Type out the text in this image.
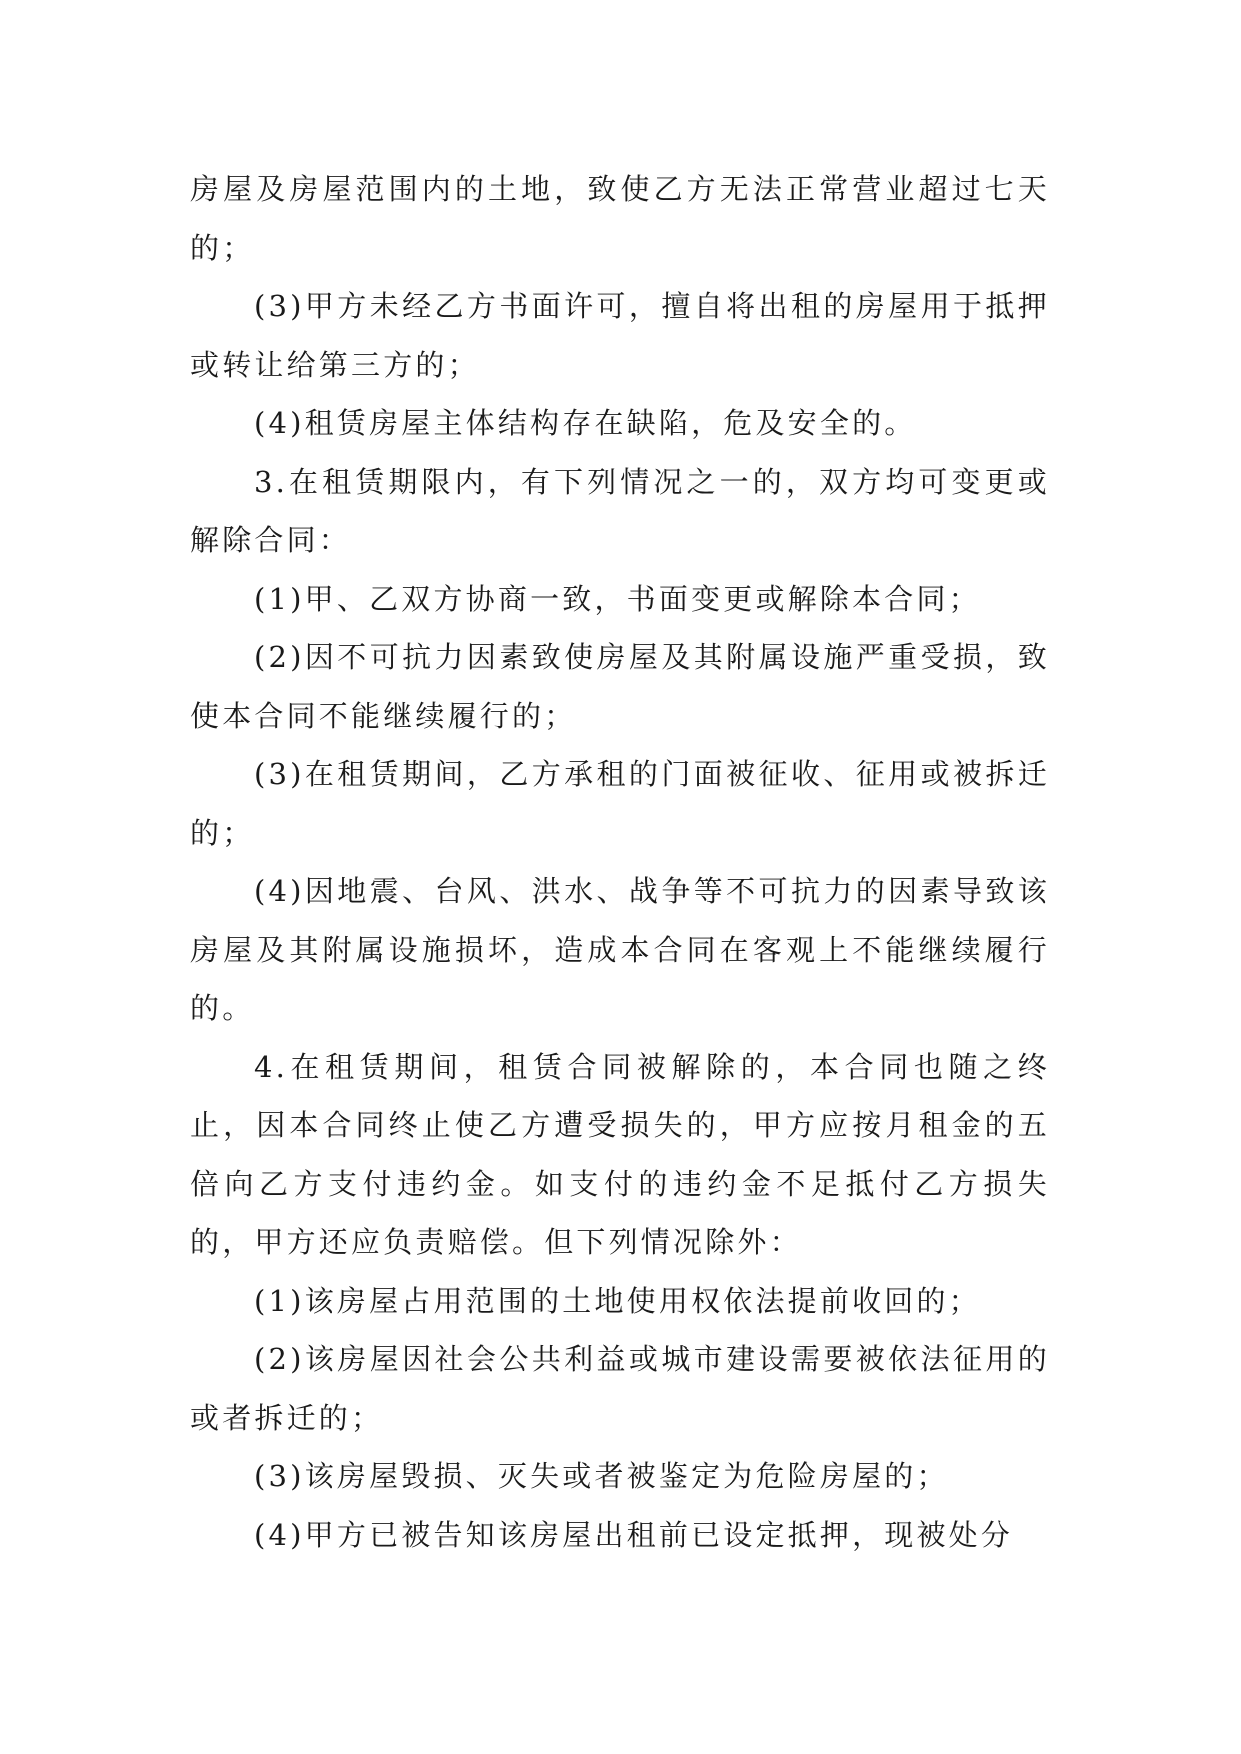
房屋及房屋范围内的土地，致使乙方无法正常营业超过七天的；

(3)甲方未经乙方书面许可，擅自将出租的房屋用于抵押或转让给第三方的；

(4)租赁房屋主体结构存在缺陷，危及安全的。

3.在租赁期限内，有下列情况之一的，双方均可变更或解除合同：

(1)甲、乙双方协商一致，书面变更或解除本合同；

(2)因不可抗力因素致使房屋及其附属设施严重受损，致使本合同不能继续履行的；

(3)在租赁期间，乙方承租的门面被征收、征用或被拆迁的；

(4)因地震、台风、洪水、战争等不可抗力的因素导致该房屋及其附属设施损坏，造成本合同在客观上不能继续履行的。

4.在租赁期间，租赁合同被解除的，本合同也随之终止，因本合同终止使乙方遭受损失的，甲方应按月租金的五倍向乙方支付违约金。如支付的违约金不足抵付乙方损失的，甲方还应负责赔偿。但下列情况除外：

(1)该房屋占用范围的土地使用权依法提前收回的；

(2)该房屋因社会公共利益或城市建设需要被依法征用的或者拆迁的；

(3)该房屋毁损、灭失或者被鉴定为危险房屋的；

(4)甲方已被告知该房屋出租前已设定抵押，现被处分
